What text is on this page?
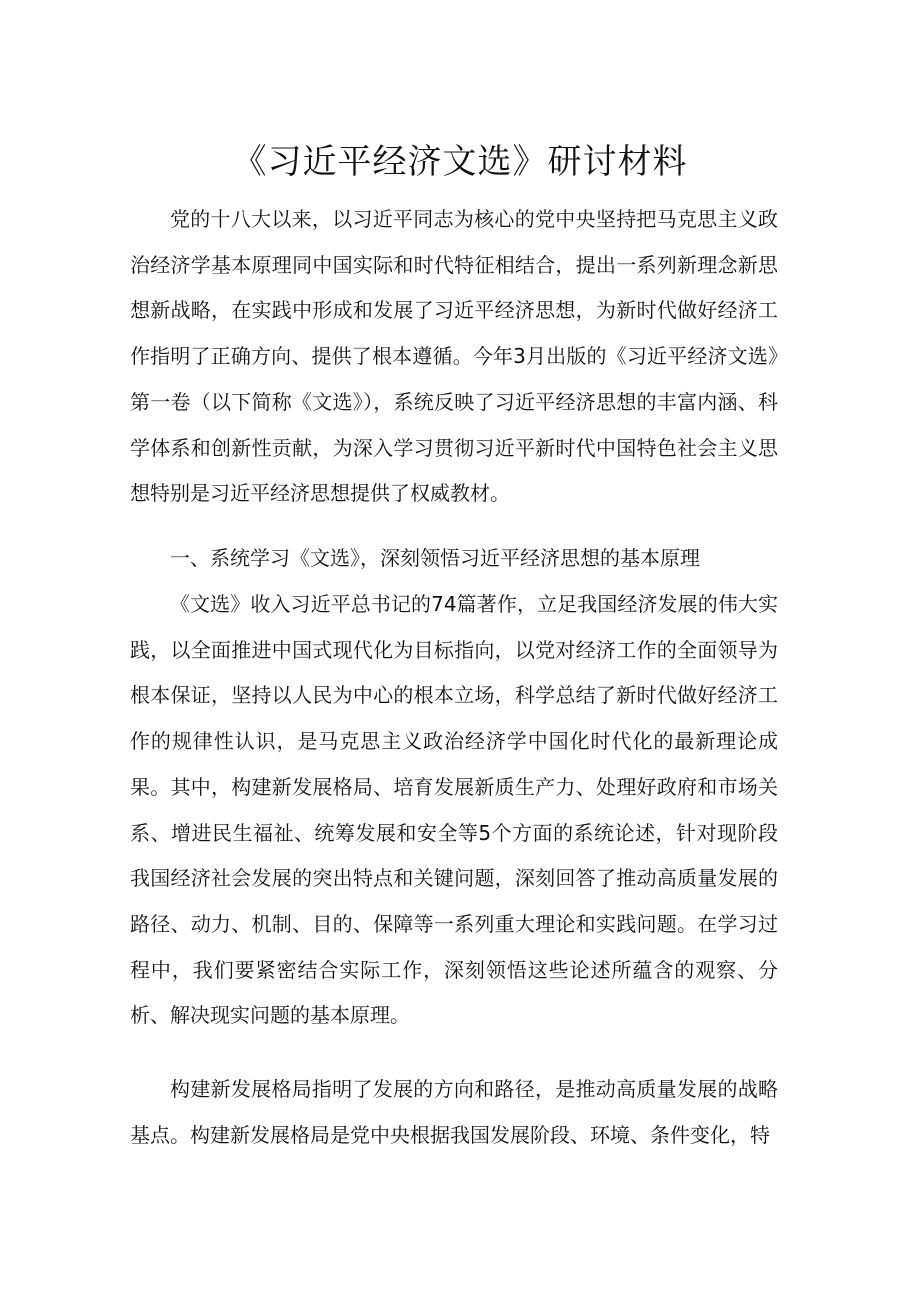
《习近平经济文选》研讨材料

党的十八大以来，以习近平同志为核心的党中央坚持把马克思主义政治经济学基本原理同中国实际和时代特征相结合，提出一系列新理念新思想新战略，在实践中形成和发展了习近平经济思想，为新时代做好经济工作指明了正确方向、提供了根本遵循。今年3月出版的《习近平经济文选》第一卷（以下简称《文选》），系统反映了习近平经济思想的丰富内涵、科学体系和创新性贡献，为深入学习贯彻习近平新时代中国特色社会主义思想特别是习近平经济思想提供了权威教材。

一、系统学习《文选》，深刻领悟习近平经济思想的基本原理

《文选》收入习近平总书记的74篇著作，立足我国经济发展的伟大实践，以全面推进中国式现代化为目标指向，以党对经济工作的全面领导为根本保证，坚持以人民为中心的根本立场，科学总结了新时代做好经济工作的规律性认识，是马克思主义政治经济学中国化时代化的最新理论成果。其中，构建新发展格局、培育发展新质生产力、处理好政府和市场关系、增进民生福祉、统筹发展和安全等5个方面的系统论述，针对现阶段我国经济社会发展的突出特点和关键问题，深刻回答了推动高质量发展的路径、动力、机制、目的、保障等一系列重大理论和实践问题。在学习过程中，我们要紧密结合实际工作，深刻领悟这些论述所蕴含的观察、分析、解决现实问题的基本原理。

构建新发展格局指明了发展的方向和路径，是推动高质量发展的战略基点。构建新发展格局是党中央根据我国发展阶段、环境、条件变化，特
